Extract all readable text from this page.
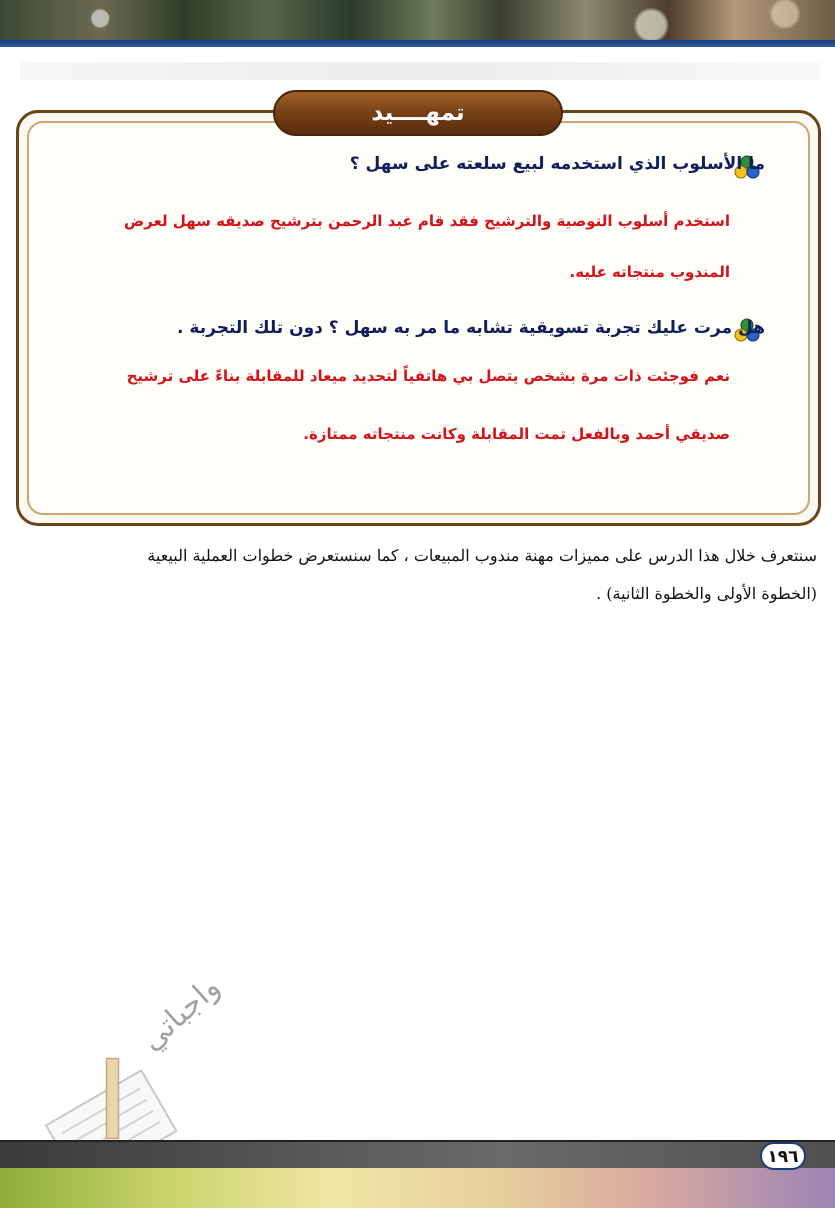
تمهــــيد
ما الأسلوب الذي استخدمه لبيع سلعته على سهل ؟
استخدم أسلوب التوصية والترشيح فقد قام عبد الرحمن بترشيح صديقه سهل لعرض
المندوب منتجاته عليه.
هل مرت عليك تجربة تسويقية تشابه ما مر به سهل ؟ دون تلك التجربة .
نعم فوجئت ذات مرة بشخص يتصل بي هاتفياً لتحديد ميعاد للمقابلة بناءً على ترشيح
صديقي أحمد وبالفعل تمت المقابلة وكانت منتجاته ممتازة.
سنتعرف خلال هذا الدرس على مميزات مهنة مندوب المبيعات ، كما سنستعرض خطوات العملية البيعية
(الخطوة الأولى والخطوة الثانية) .
واجباتي
١٩٦
